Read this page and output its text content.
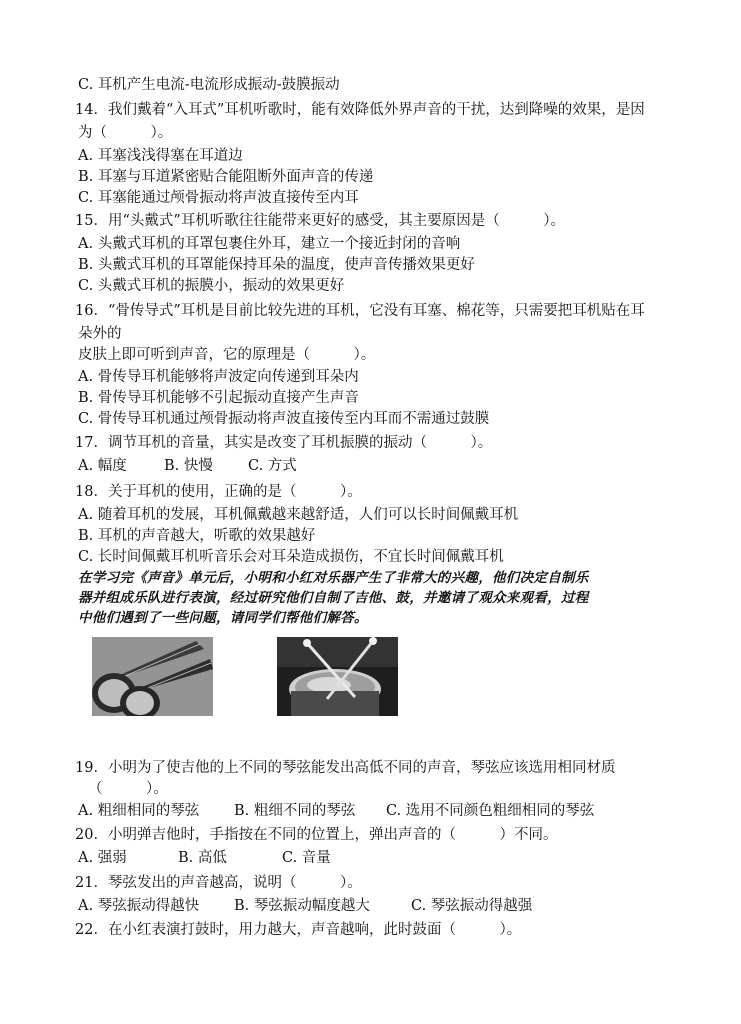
C. 耳机产生电流-电流形成振动-鼓膜振动
14．我们戴着“入耳式”耳机听歌时，能有效降低外界声音的干扰，达到降噪的效果，是因
为（　　　）。
A. 耳塞浅浅得塞在耳道边
B. 耳塞与耳道紧密贴合能阻断外面声音的传递
C. 耳塞能通过颅骨振动将声波直接传至内耳
15．用“头戴式”耳机听歌往往能带来更好的感受，其主要原因是（　　　）。
A. 头戴式耳机的耳罩包裹住外耳，建立一个接近封闭的音响
B. 头戴式耳机的耳罩能保持耳朵的温度，使声音传播效果更好
C. 头戴式耳机的振膜小，振动的效果更好
16．“骨传导式”耳机是目前比较先进的耳机，它没有耳塞、棉花等，只需要把耳机贴在耳
朵外的
皮肤上即可听到声音，它的原理是（　　　）。
A. 骨传导耳机能够将声波定向传递到耳朵内
B. 骨传导耳机能够不引起振动直接产生声音
C. 骨传导耳机通过颅骨振动将声波直接传至内耳而不需通过鼓膜
17．调节耳机的音量，其实是改变了耳机振膜的振动（　　　）。
A. 幅度	B. 快慢 C. 方式
18．关于耳机的使用，正确的是（　　　）。
A. 随着耳机的发展，耳机佩戴越来越舒适，人们可以长时间佩戴耳机
B. 耳机的声音越大，听歌的效果越好
C. 长时间佩戴耳机听音乐会对耳朵造成损伤，不宜长时间佩戴耳机
在学习完《声音》单元后，小明和小红对乐器产生了非常大的兴趣，他们决定自制乐
器并组成乐队进行表演，经过研究他们自制了吉他、鼓，并邀请了观众来观看，过程
中他们遇到了一些问题，请同学们帮他们解答。
19．小明为了使吉他的上不同的琴弦能发出高低不同的声音，琴弦应该选用相同材质
（　　　）。
A. 粗细相同的琴弦 B. 粗细不同的琴弦 C. 选用不同颜色粗细相同的琴弦
20．小明弹吉他时，手指按在不同的位置上，弹出声音的（　　　）不同。
A. 强弱	B. 高低	C. 音量
21．琴弦发出的声音越高，说明（　　　）。
A. 琴弦振动得越快 B. 琴弦振动幅度越大	C. 琴弦振动得越强
22．在小红表演打鼓时，用力越大，声音越响，此时鼓面（　　　）。
